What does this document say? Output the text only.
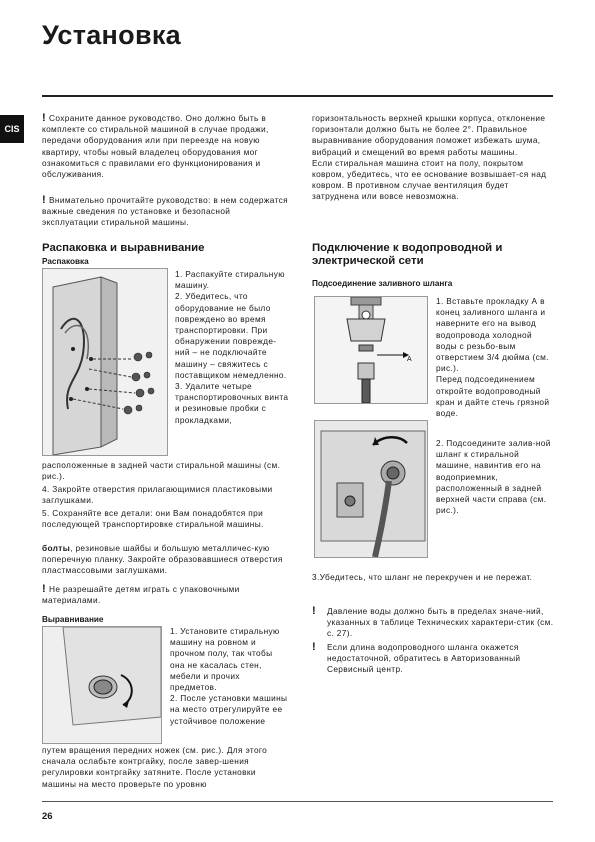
Установка
CIS
! Сохраните данное руководство. Оно должно быть в комплекте со стиральной машиной в случае продажи, передачи оборудования или при переезде на новую квартиру, чтобы новый владелец оборудования мог ознакомиться с правилами его функционирования и обслуживания.
! Внимательно прочитайте руководство: в нем содержатся важные сведения по установке и безопасной эксплуатации стиральной машины.
Распаковка и выравнивание
Распаковка
1. Распакуйте стиральную машину.
2. Убедитесь, что оборудование не было повреждено во время транспортировки. При обнаружении поврежде-ний – не подключайте машину – свяжитесь с поставщиком немедленно.
3. Удалите четыре транспортировочных винта и резиновые пробки с прокладками,
расположенные в задней части стиральной машины (см. рис.).
4. Закройте отверстия прилагающимися пластиковыми заглушками.
5. Сохраняйте все детали: они Вам понадобятся при последующей транспортировке стиральной машины.
болты, резиновые шайбы и большую металличес-кую поперечную планку. Закройте образовавшиеся отверстия пластмассовыми заглушками.
! Не разрешайте детям играть с упаковочными материалами.
Выравнивание
1. Установите стиральную машину на ровном и прочном полу, так чтобы она не касалась стен, мебели и прочих предметов.
2. После установки машины на место отрегулируйте ее устойчивое положение
путем вращения передних ножек (см. рис.). Для этого сначала ослабьте контргайку, после завер-шения регулировки контргайку затяните. После установки машины на место проверьте по уровню
горизонтальность верхней крышки корпуса, отклонение горизонтали должно быть не более 2°. Правильное выравнивание оборудования поможет избежать шума, вибраций и смещений во время работы машины.
Если стиральная машина стоит на полу, покрытом ковром, убедитесь, что ее основание возвышает-ся над ковром. В противном случае вентиляция будет затруднена или вовсе невозможна.
Подключение к водопроводной и электрической сети
Подсоединение заливного шланга
A
1. Вставьте прокладку А в конец заливного шланга и наверните его на вывод водопровода холодной воды с резьбо-вым отверстием 3/4 дюйма (см. рис.).
Перед подсоединением откройте водопроводный кран и дайте стечь грязной воде.
2. Подсоедините залив-ной шланг к стиральной машине, навинтив его на водоприемник, расположенный в задней верхней части справа (см. рис.).
3.Убедитесь, что шланг не перекручен и не пережат.
!	Давление воды должно быть в пределах значе-ний, указанных в таблице Технических характери-стик (см. с. 27).
!	Если длина водопроводного шланга окажется недостаточной, обратитесь в Авторизованный Сервисный центр.
26
